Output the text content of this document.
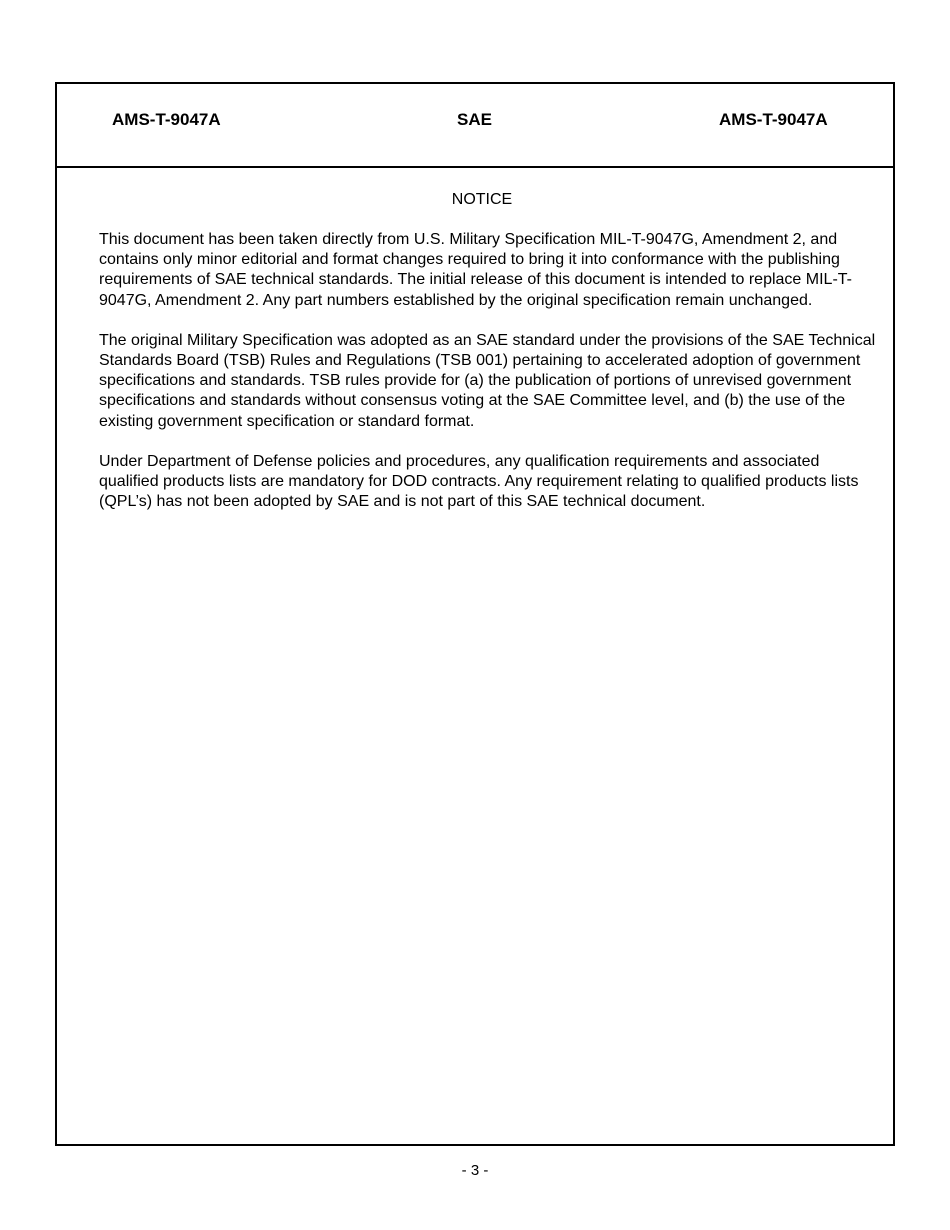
AMS-T-9047A	SAE	AMS-T-9047A
NOTICE

This document has been taken directly from U.S. Military Specification MIL-T-9047G, Amendment 2, and contains only minor editorial and format changes required to bring it into conformance with the publishing requirements of SAE technical standards. The initial release of this document is intended to replace MIL-T-9047G, Amendment 2. Any part numbers established by the original specification remain unchanged.

The original Military Specification was adopted as an SAE standard under the provisions of the SAE Technical Standards Board (TSB) Rules and Regulations (TSB 001) pertaining to accelerated adoption of government specifications and standards. TSB rules provide for (a) the publication of portions of unrevised government specifications and standards without consensus voting at the SAE Committee level, and (b) the use of the existing government specification or standard format.

Under Department of Defense policies and procedures, any qualification requirements and associated qualified products lists are mandatory for DOD contracts. Any requirement relating to qualified products lists (QPL’s) has not been adopted by SAE and is not part of this SAE technical document.

- 3 -
